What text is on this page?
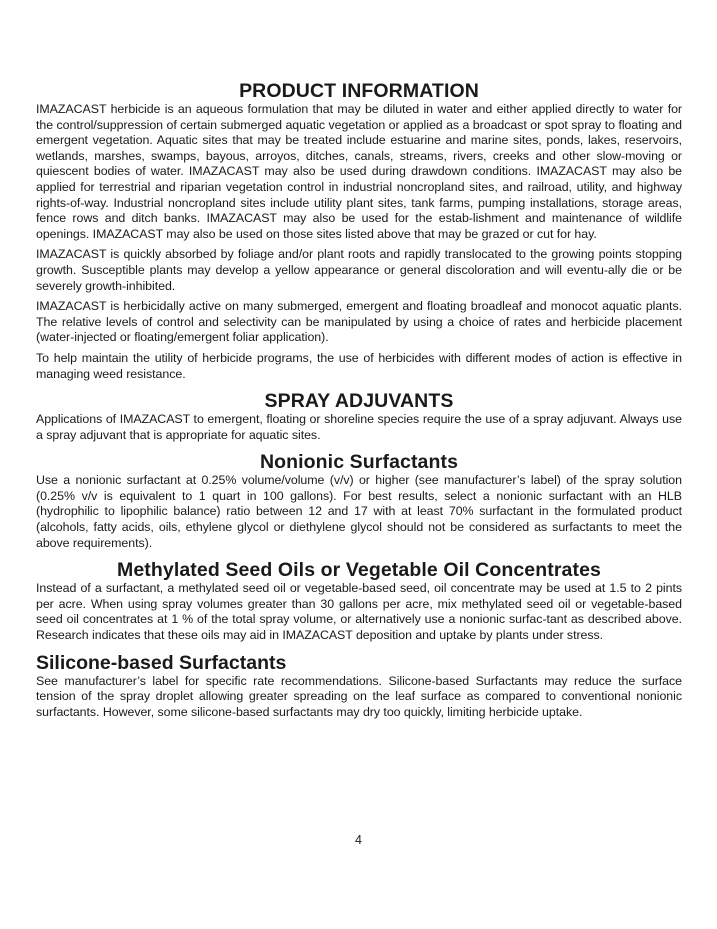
PRODUCT INFORMATION

IMAZACAST herbicide is an aqueous formulation that may be diluted in water and either applied directly to water for the control/suppression of certain submerged aquatic vegetation or applied as a broadcast or spot spray to floating and emergent vegetation. Aquatic sites that may be treated include estuarine and marine sites, ponds, lakes, reservoirs, wetlands, marshes, swamps, bayous, arroyos, ditches, canals, streams, rivers, creeks and other slow-moving or quiescent bodies of water. IMAZACAST may also be used during drawdown conditions. IMAZACAST may also be applied for terrestrial and riparian vegetation control in industrial noncropland sites, and railroad, utility, and highway rights-of-way. Industrial noncropland sites include utility plant sites, tank farms, pumping installations, storage areas, fence rows and ditch banks. IMAZACAST may also be used for the estab-lishment and maintenance of wildlife openings. IMAZACAST may also be used on those sites listed above that may be grazed or cut for hay.

IMAZACAST is quickly absorbed by foliage and/or plant roots and rapidly translocated to the growing points stopping growth. Susceptible plants may develop a yellow appearance or general discoloration and will eventu-ally die or be severely growth-inhibited.

IMAZACAST is herbicidally active on many submerged, emergent and floating broadleaf and monocot aquatic plants. The relative levels of control and selectivity can be manipulated by using a choice of rates and herbicide placement (water-injected or floating/emergent foliar application).

To help maintain the utility of herbicide programs, the use of herbicides with different modes of action is effective in managing weed resistance.

SPRAY ADJUVANTS

Applications of IMAZACAST to emergent, floating or shoreline species require the use of a spray adjuvant. Always use a spray adjuvant that is appropriate for aquatic sites.

Nonionic Surfactants

Use a nonionic surfactant at 0.25% volume/volume (v/v) or higher (see manufacturer’s label) of the spray solution (0.25% v/v is equivalent to 1 quart in 100 gallons). For best results, select a nonionic surfactant with an HLB (hydrophilic to lipophilic balance) ratio between 12 and 17 with at least 70% surfactant in the formulated product (alcohols, fatty acids, oils, ethylene glycol or diethylene glycol should not be considered as surfactants to meet the above requirements).

Methylated Seed Oils or Vegetable Oil Concentrates

Instead of a surfactant, a methylated seed oil or vegetable-based seed, oil concentrate may be used at 1.5 to 2 pints per acre. When using spray volumes greater than 30 gallons per acre, mix methylated seed oil or vegetable-based seed oil concentrates at 1 % of the total spray volume, or alternatively use a nonionic surfac-tant as described above. Research indicates that these oils may aid in IMAZACAST deposition and uptake by plants under stress.

Silicone-based Surfactants

See manufacturer’s label for specific rate recommendations. Silicone-based Surfactants may reduce the surface tension of the spray droplet allowing greater spreading on the leaf surface as compared to conventional nonionic surfactants. However, some silicone-based surfactants may dry too quickly, limiting herbicide uptake.

4
